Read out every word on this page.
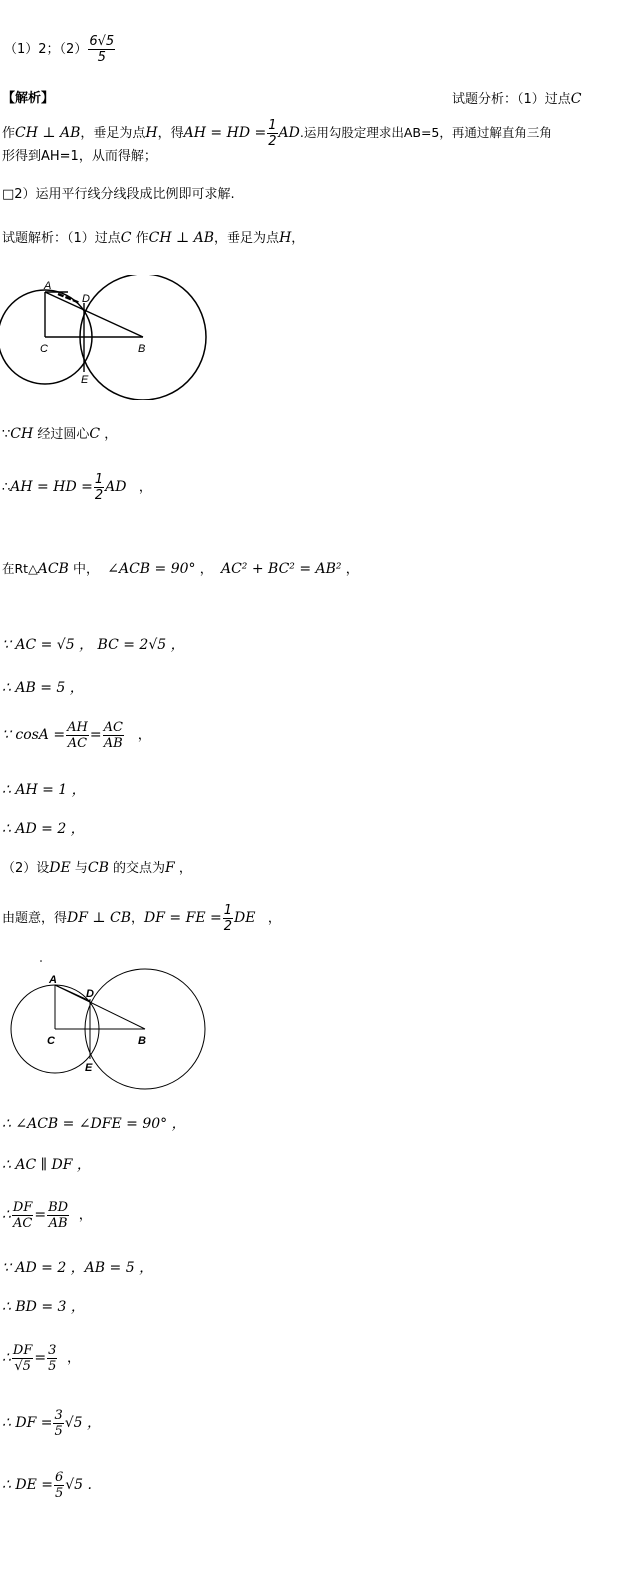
（1）2；$(2) \frac{6√5}{5}$
【解析】	试题分析：（1）过点C
作CH ⊥ AB，垂足为点H，得AH = HD = $\frac{1}{2}$ AD.运用勾股定理求出AB=5，再通过解直角三角
形得到AH=1，从而得解；
□2）运用平行线分线段成比例即可求解.
试题解析：（1）过点C 作CH ⊥ AB，垂足为点H，
A
D
C	B
E
∵CH 经过圆心C ，
∴AH = HD = $\frac{1}{2}$ AD ，
在Rt△ACB 中， ∠ACB = 90° ， AC² + BC² = AB² ，
∵ AC = √5 ， BC = 2√5 ，
∴ AB = 5 ，
∵ $\cos A = \frac{AH}{AC} = \frac{AC}{AB}$ ，
∴ AH = 1 ，
∴ AD = 2 ，
（2）设DE 与CB 的交点为F ，
由题意，得DF ⊥ CB，DF = FE = $\frac{1}{2}$ DE ，
A
D
C	B
E
∴ ∠ACB = ∠DFE = 90° ，
∴ AC ∥ DF ，
∴ $\frac{DF}{AC} = \frac{BD}{AB}$ ，
∵ AD = 2 ，AB = 5 ，
∴ BD = 3 ，
∴ $\frac{DF}{√5} = \frac{3}{5}$ ，
∴ DF = $\frac{3}{5} √5$ ，
∴ DE = $\frac{6}{5} √5$ .
